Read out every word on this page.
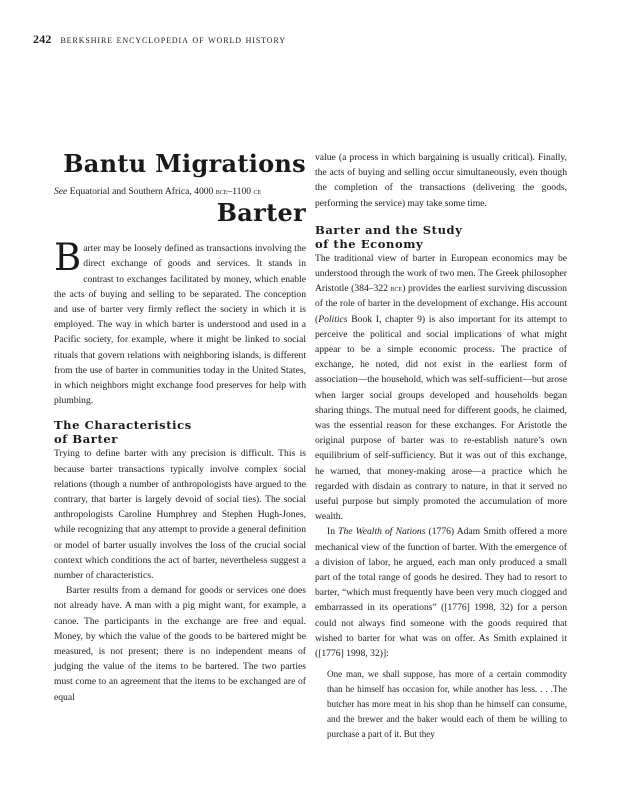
242 berkshire encyclopedia of world history
Bantu Migrations

See Equatorial and Southern Africa, 4000 bce–1100 ce

Barter

Barter may be loosely defined as transactions involving the direct exchange of goods and services. It stands in contrast to exchanges facilitated by money, which enable the acts of buying and selling to be separated. The conception and use of barter very firmly reflect the society in which it is employed. The way in which barter is understood and used in a Pacific society, for example, where it might be linked to social rituals that govern relations with neighboring islands, is different from the use of barter in communities today in the United States, in which neighbors might exchange food preserves for help with plumbing.

The Characteristics
of Barter

Trying to define barter with any precision is difficult. This is because barter transactions typically involve complex social relations (though a number of anthropologists have argued to the contrary, that barter is largely devoid of social ties). The social anthropologists Caroline Humphrey and Stephen Hugh-Jones, while recognizing that any attempt to provide a general definition or model of barter usually involves the loss of the crucial social context which conditions the act of barter, nevertheless suggest a number of characteristics.

Barter results from a demand for goods or services one does not already have. A man with a pig might want, for example, a canoe. The participants in the exchange are free and equal. Money, by which the value of the goods to be bartered might be measured, is not present; there is no independent means of judging the value of the items to be bartered. The two parties must come to an agreement that the items to be exchanged are of equal

value (a process in which bargaining is usually critical). Finally, the acts of buying and selling occur simultaneously, even though the completion of the transactions (delivering the goods, performing the service) may take some time.

Barter and the Study
of the Economy

The traditional view of barter in European economics may be understood through the work of two men. The Greek philosopher Aristotle (384–322 bce) provides the earliest surviving discussion of the role of barter in the development of exchange. His account (Politics Book I, chapter 9) is also important for its attempt to perceive the political and social implications of what might appear to be a simple economic process. The practice of exchange, he noted, did not exist in the earliest form of association—the household, which was self-sufficient—but arose when larger social groups developed and households began sharing things. The mutual need for different goods, he claimed, was the essential reason for these exchanges. For Aristotle the original purpose of barter was to re-establish nature’s own equilibrium of self-sufficiency. But it was out of this exchange, he warned, that money-making arose—a practice which he regarded with disdain as contrary to nature, in that it served no useful purpose but simply promoted the accumulation of more wealth.

In The Wealth of Nations (1776) Adam Smith offered a more mechanical view of the function of barter. With the emergence of a division of labor, he argued, each man only produced a small part of the total range of goods he desired. They had to resort to barter, “which must frequently have been very much clogged and embarrassed in its operations” ([1776] 1998, 32) for a person could not always find someone with the goods required that wished to barter for what was on offer. As Smith explained it ([1776] 1998, 32)]:

One man, we shall suppose, has more of a certain commodity than he himself has occasion for, while another has less. . . .The butcher has more meat in his shop than he himself can consume, and the brewer and the baker would each of them be willing to purchase a part of it. But they
